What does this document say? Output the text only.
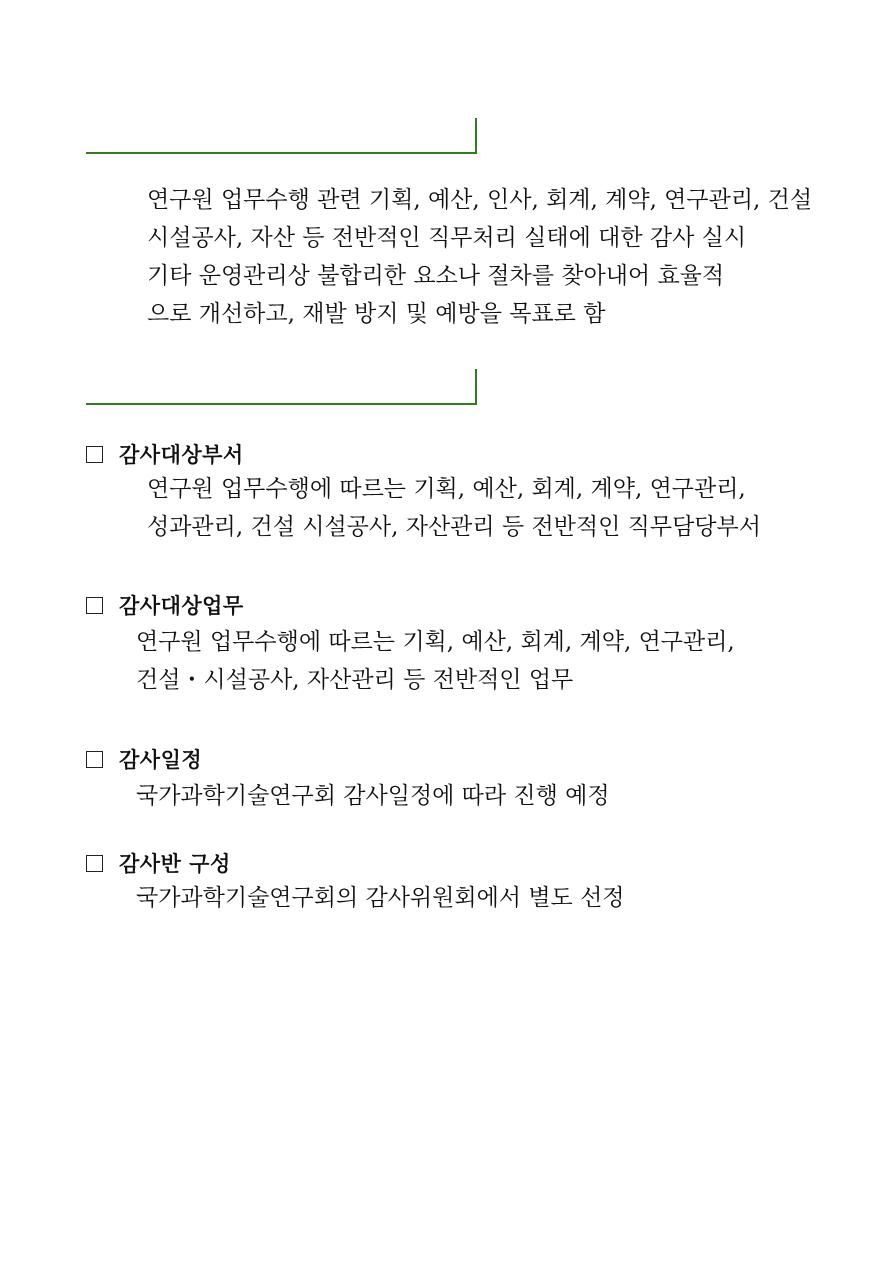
연구원 업무수행 관련 기획, 예산, 인사, 회계, 계약, 연구관리, 건설
시설공사, 자산 등 전반적인 직무처리 실태에 대한 감사 실시
기타 운영관리상 불합리한 요소나 절차를 찾아내어 효율적
으로 개선하고, 재발 방지 및 예방을 목표로 함
감사대상부서
연구원 업무수행에 따르는 기획, 예산, 회계, 계약, 연구관리,
성과관리, 건설 시설공사, 자산관리 등 전반적인 직무담당부서
감사대상업무
연구원 업무수행에 따르는 기획, 예산, 회계, 계약, 연구관리,
건설・시설공사, 자산관리 등 전반적인 업무
감사일정
국가과학기술연구회 감사일정에 따라 진행 예정
감사반 구성
국가과학기술연구회의 감사위원회에서 별도 선정
